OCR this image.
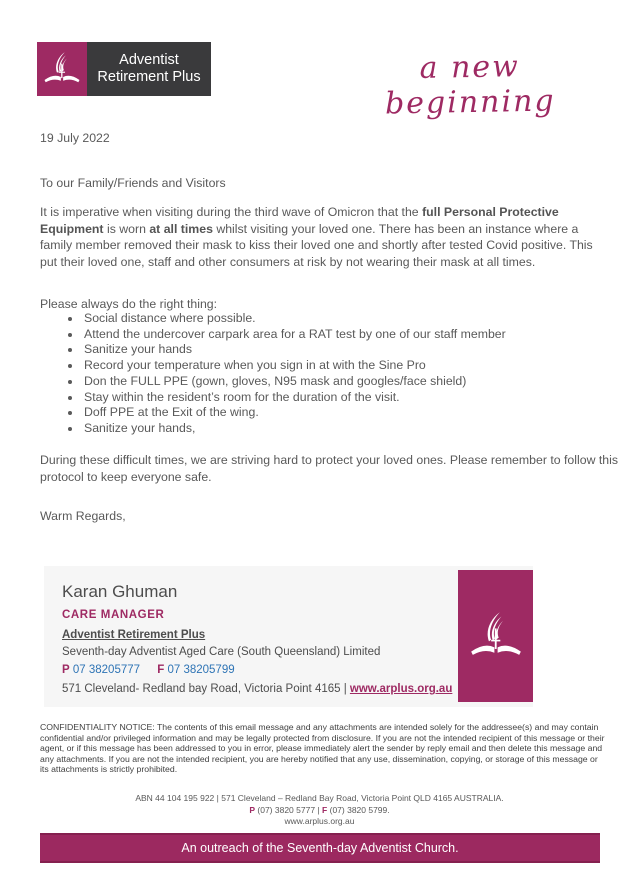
Adventist
Retirement Plus	a new beginning
19 July 2022
To our Family/Friends and Visitors
It is imperative when visiting during the third wave of Omicron that the full Personal Protective Equipment is worn at all times whilst visiting your loved one. There has been an instance where a family member removed their mask to kiss their loved one and shortly after tested Covid positive. This put their loved one, staff and other consumers at risk by not wearing their mask at all times.
Please always do the right thing:
• Social distance where possible.
• Attend the undercover carpark area for a RAT test by one of our staff member
• Sanitize your hands
• Record your temperature when you sign in at with the Sine Pro
• Don the FULL PPE (gown, gloves, N95 mask and googles/face shield)
• Stay within the resident’s room for the duration of the visit.
• Doff PPE at the Exit of the wing.
• Sanitize your hands,
During these difficult times, we are striving hard to protect your loved ones. Please remember to follow this protocol to keep everyone safe.
Warm Regards,
Karan Ghuman
CARE MANAGER
Adventist Retirement Plus
Seventh-day Adventist Aged Care (South Queensland) Limited
P 07 38205777 F 07 38205799
571 Cleveland- Redland bay Road, Victoria Point 4165 | www.arplus.org.au
CONFIDENTIALITY NOTICE: The contents of this email message and any attachments are intended solely for the addressee(s) and may contain confidential and/or privileged information and may be legally protected from disclosure. If you are not the intended recipient of this message or their agent, or if this message has been addressed to you in error, please immediately alert the sender by reply email and then delete this message and any attachments. If you are not the intended recipient, you are hereby notified that any use, dissemination, copying, or storage of this message or its attachments is strictly prohibited.
ABN 44 104 195 922 | 571 Cleveland – Redland Bay Road, Victoria Point QLD 4165 AUSTRALIA.
P (07) 3820 5777 | F (07) 3820 5799.
www.arplus.org.au
An outreach of the Seventh-day Adventist Church.
